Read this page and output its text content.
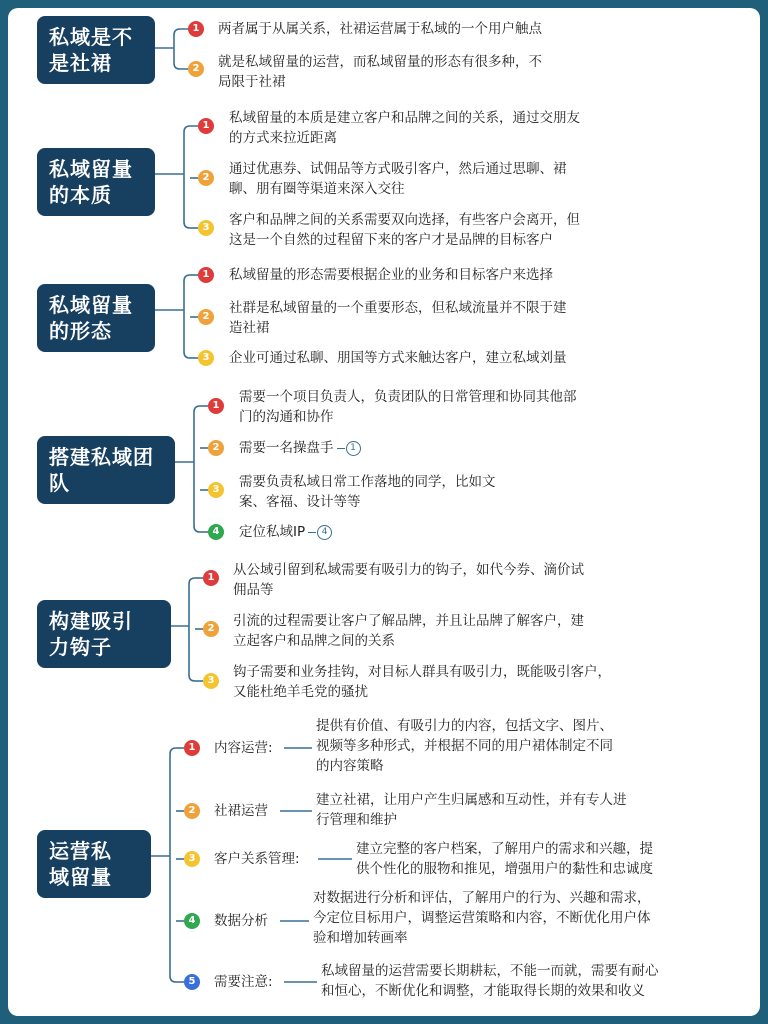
私域是不
是社裙
1	两者属于从属关系，社裙运营属于私域的一个用户触点
2	就是私域留量的运营，而私域留量的形态有很多种，不
局限于社裙
私域留量
的本质
1	私域留量的本质是建立客户和品牌之间的关系，通过交朋友
的方式来拉近距离
2
通过优惠券、试佣品等方式吸引客户，然后通过思聊、裙
聊、朋有圈等渠道来深入交往
3	客户和品牌之间的关系需要双向选择，有些客户会离开，但
这是一个自然的过程留下来的客户才是品牌的目标客户
私域留量
的形态
1	私域留量的形态需要根据企业的业务和目标客户来选择
2
社群是私域留量的一个重要形态，但私域流量并不限于建
造社裙
3	企业可通过私聊、朋国等方式来触达客户，建立私域刘量
搭建私域团
队
1
需要一个项目负责人，负责团队的日常管理和协同其他部
门的沟通和协作
2	需要一名操盘手 1
3	需要负责私域日常工作落地的同学，比如文
案、客福、设计等等
4	定位私域IP 4
构建吸引
力钩子
1	从公域引留到私域需要有吸引力的钩子，如代今券、滴价试
佣品等
2	引流的过程需要让客户了解品牌，并且让品牌了解客户，建
立起客户和品牌之间的关系
3
钩子需要和业务挂钩，对目标人群具有吸引力，既能吸引客户，
又能杜绝羊毛党的骚扰
运营私
域留量
1	内容运营:
提供有价值、有吸引力的内容，包括文字、图片、
视频等多种形式，并根据不同的用户裙体制定不同
的内容策略
2	社裙运营
建立社裙，让用户产生归属感和互动性，并有专人进
行管理和维护
3	客户关系管理:
建立完整的客户档案，了解用户的需求和兴趣，提
供个性化的服物和推见，增强用户的黏性和忠诚度
4	数据分析
对数据进行分析和评估，了解用户的行为、兴趣和需求，
今定位目标用户，调整运营策略和内容，不断优化用户体
验和增加转画率
5	需要注意:
私域留量的运营需要长期耕耘，不能一而就，需要有耐心
和恒心，不断优化和调整，才能取得长期的效果和收义
